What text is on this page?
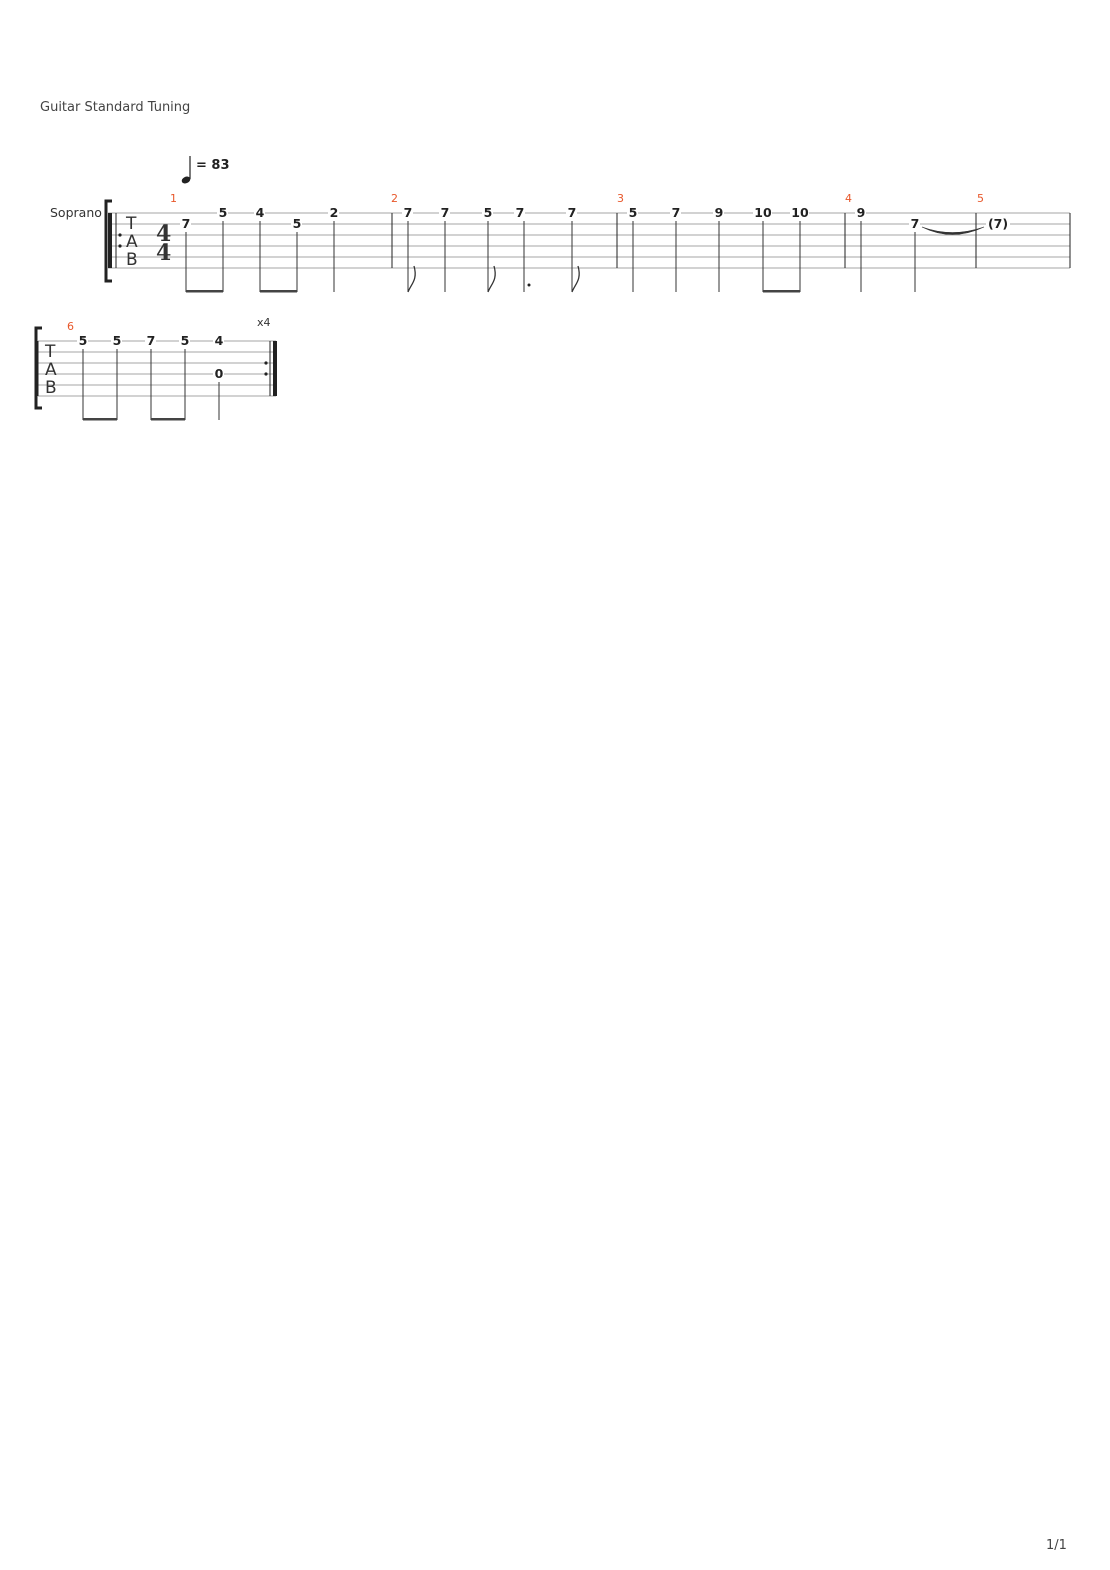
Guitar Standard Tuning
= 83
Soprano
T
A
B
4
4
1	2	3	4	5
7
5 4
5
2	7 7	5 7	7	5	7	9 10 10	9
7	(7)
T
A
B
6	x4
5 5 7 5 4
0
1/1
